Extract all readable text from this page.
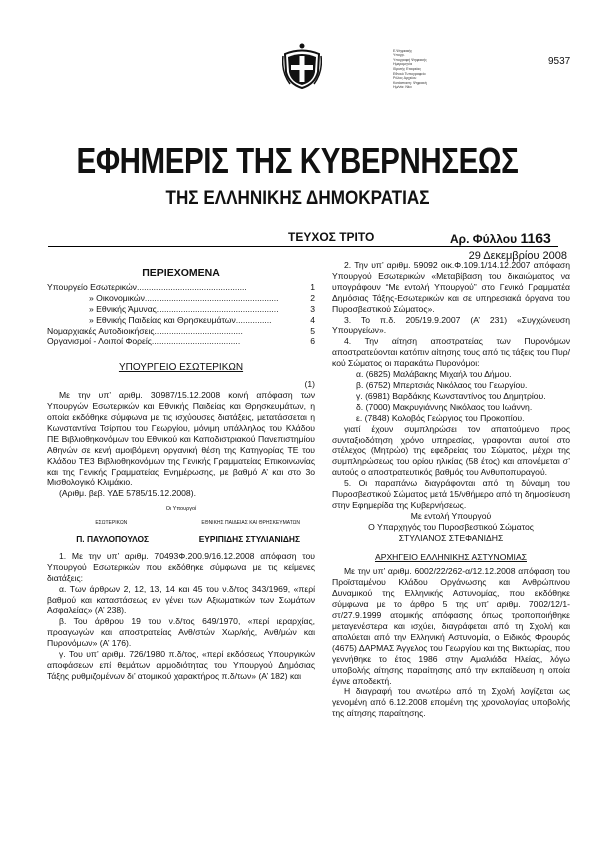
Ε.Ψηφιακής
Υπογρ.
Υπογραφή Ψηφιακής
Ημερομηνία
Ιδρυτής Εταιρείας
Εθνικό Τυπογραφείο
Ρόλος Αρχείου
Κατάσταση: Ψηφιακή
Ημ/νία: Νέα

9537
ΕΦΗΜΕΡΙΣ ΤΗΣ ΚΥΒΕΡΝΗΣΕΩΣ
ΤΗΣ ΕΛΛΗΝΙΚΗΣ ΔΗΜΟΚΡΑΤΙΑΣ
ΤΕΥΧΟΣ ΤΡΙΤΟ	Αρ. Φύλλου 1163
29 Δεκεμβρίου 2008
ΠΕΡΙΕΧΟΜΕΝΑ
Υπουργείο Εσωτερικών..............................................	1
» Οικονομικών........................................................	2
» Εθνικής Άμυνας...................................................	3
» Εθνικής Παιδείας και Θρησκευμάτων...............	4
Νομαρχιακές Αυτοδιοικήσεις.....................................	5
Οργανισμοί - Λοιποί Φορείς.....................................	6
ΥΠΟΥΡΓΕΙΟ ΕΣΩΤΕΡΙΚΩΝ
(1)

Με την υπ’ αριθμ. 30987/15.12.2008 κοινή απόφαση των Υπουργών Εσωτερικών και Εθνικής Παιδείας και Θρησκευμάτων, η οποία εκδόθηκε σύμφωνα με τις ισχύουσες διατάξεις, μετατάσσεται η Κωνσταντίνα Τσίρπου του Γεωργίου, μόνιμη υπάλληλος του Κλάδου ΠΕ Βιβλιοθηκονόμων του Εθνικού και Καποδιστριακού Πανεπιστημίου Αθηνών σε κενή αμοιβόμενη οργανική θέση της Κατηγορίας ΤΕ του Κλάδου ΤΕ3 Βιβλιοθηκονόμων της Γενικής Γραμματείας Επικοινωνίας και της Γενικής Γραμματείας Ενημέρωσης, με βαθμό Α’ και στο 3ο Μισθολογικό Κλιμάκιο.

(Αριθμ. βεβ. ΥΔΕ 5785/15.12.2008).

Οι Υπουργοί
ΕΣΩΤΕΡΙΚΩΝ	ΕΘΝΙΚΗΣ ΠΑΙΔΕΙΑΣ ΚΑΙ ΘΡΗΣΚΕΥΜΑΤΩΝ
Π. ΠΑΥΛΟΠΟΥΛΟΣ	ΕΥΡΙΠΙΔΗΣ ΣΤΥΛΙΑΝΙΔΗΣ

1. Με την υπ’ αριθμ. 70493Φ.200.9/16.12.2008 απόφαση του Υπουργού Εσωτερικών που εκδόθηκε σύμφωνα με τις κείμενες διατάξεις:

α. Των άρθρων 2, 12, 13, 14 και 45 του ν.δ/τος 343/1969, «περί βαθμού και καταστάσεως εν γένει των Αξιωματικών των Σωμάτων Ασφαλείας» (Α’ 238).

β. Του άρθρου 19 του ν.δ/τος 649/1970, «περί ιεραρχίας, προαγωγών και αποστρατείας Ανθ/στών Χωρ/κής, Ανθ/μών και Πυρονόμων» (Α’ 176).

γ. Του υπ’ αριθμ. 726/1980 π.δ/τος, «περί εκδόσεως Υπουργικών αποφάσεων επί θεμάτων αρμοδιότητας του Υπουργού Δημόσιας Τάξης ρυθμιζομένων δι’ ατομικού χαρακτήρος π.δ/των» (Α’ 182) και

2. Την υπ’ αριθμ. 59092 οικ.Φ.109.1/14.12.2007 απόφαση Υπουργού Εσωτερικών «Μεταβίβαση του δικαιώματος να υπογράφουν “Με εντολή Υπουργού” στο Γενικό Γραμματέα Δημόσιας Τάξης-Εσωτερικών και σε υπηρεσιακά όργανα του Πυροσβεστικού Σώματος».

3. Το π.δ. 205/19.9.2007 (Α’ 231) «Συγχώνευση Υπουργείων».

4. Την αίτηση αποστρατείας των Πυρονόμων αποστρατεύονται κατόπιν αίτησης τους από τις τάξεις του Πυρ/κού Σώματος οι παρακάτω Πυρονόμοι:

α. (6825) Μαλάβακης Μιχαήλ του Δήμου.
β. (6752) Μπερτσιάς Νικόλαος του Γεωργίου.
γ. (6981) Βαρδάκης Κωνσταντίνος του Δημητρίου.
δ. (7000) Μακρυγιάννης Νικόλαος του Ιωάννη.
ε. (7848) Κολοβός Γεώργιος του Προκοπίου.

γιατί έχουν συμπληρώσει τον απαιτούμενο προς συνταξιοδότηση χρόνο υπηρεσίας, γραφονται αυτοί στο στέλεχος (Μητρώο) της εφεδρείας του Σώματος, μέχρι της συμπληρώσεως του ορίου ηλικίας (58 έτος) και απονέμεται σ’ αυτούς ο αποστρατευτικός βαθμός του Ανθυποπυραγού.

5. Οι παραπάνω διαγράφονται από τη δύναμη του Πυροσβεστικού Σώματος μετά 15/νθήμερο από τη δημοσίευση στην Εφημερίδα της Κυβερνήσεως.

Με εντολή Υπουργού
Ο Υπαρχηγός του Πυροσβεστικού Σώματος
ΣΤΥΛΙΑΝΟΣ ΣΤΕΦΑΝΙΔΗΣ
ΑΡΧΗΓΕΙΟ ΕΛΛΗΝΙΚΗΣ ΑΣΤΥΝΟΜΙΑΣ

Με την υπ’ αριθμ. 6002/22/262-α/12.12.2008 απόφαση του Προϊσταμένου Κλάδου Οργάνωσης και Ανθρώπινου Δυναμικού της Ελληνικής Αστυνομίας, που εκδόθηκε σύμφωνα με το άρθρο 5 της υπ’ αριθμ. 7002/12/1-στ/27.9.1999 ατομικής απόφασης όπως τροποποιήθηκε μεταγενέστερα και ισχύει, διαγράφεται από τη Σχολή και απολύεται από την Ελληνική Αστυνομία, ο Ειδικός Φρουρός (4675) ΔΑΡΜΑΣ Άγγελος του Γεωργίου και της Βικτωρίας, που γεννήθηκε το έτος 1986 στην Αμαλιάδα Ηλείας, λόγω υποβολής αίτησης παραίτησης από την εκπαίδευση η οποία έγινε αποδεκτή.

Η διαγραφή του ανωτέρω από τη Σχολή λογίζεται ως γενομένη από 6.12.2008 επομένη της χρονολογίας υποβολής της αίτησης παραίτησης.
